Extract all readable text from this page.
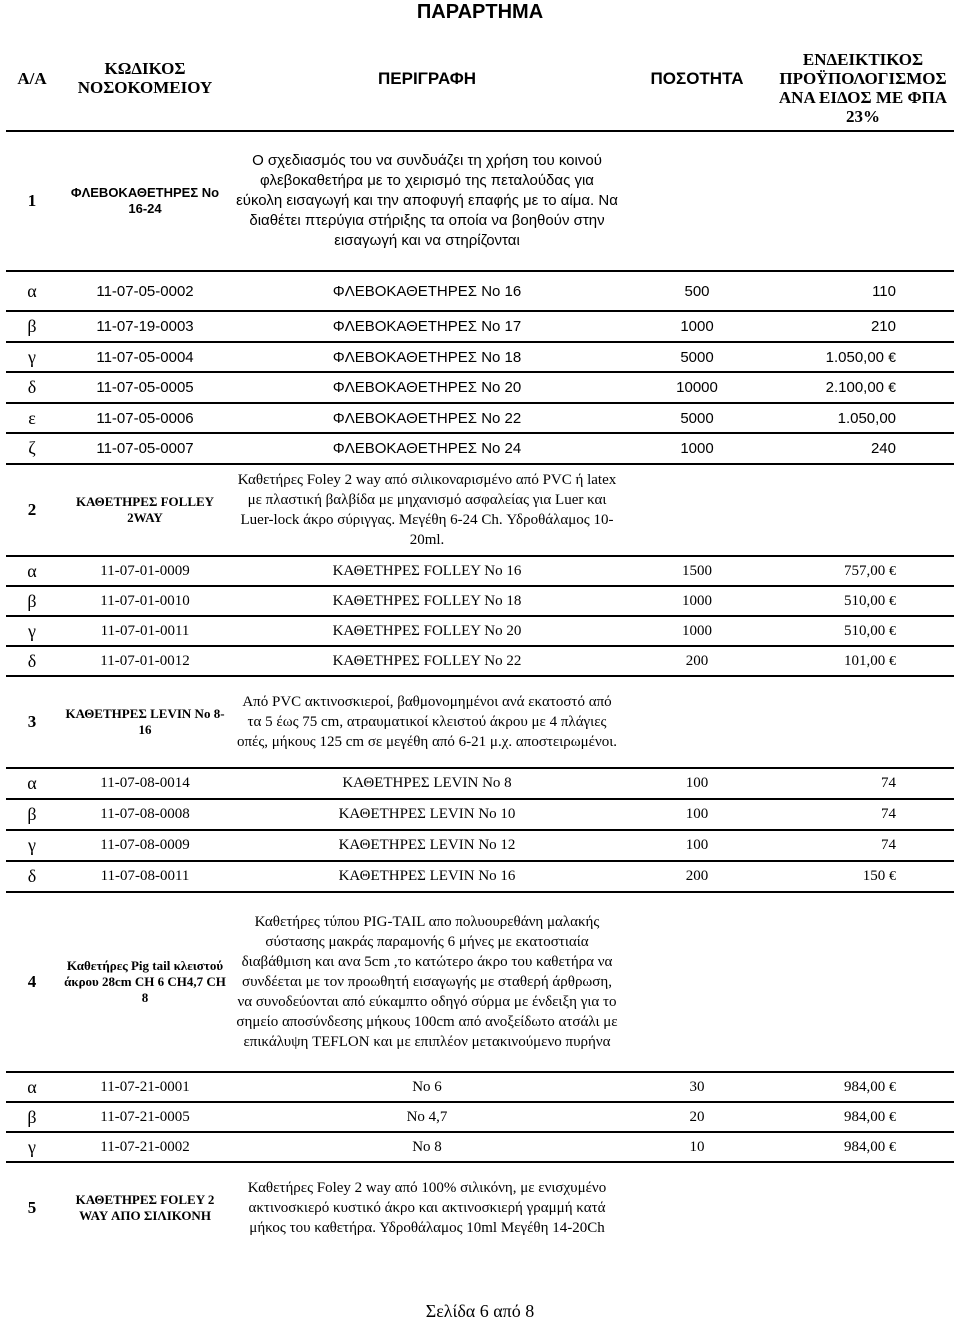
ΠΑΡΑΡΤΗΜΑ
Α/Α	ΚΩΔΙΚΟΣ ΝΟΣΟΚΟΜΕΙΟΥ	ΠΕΡΙΓΡΑΦΗ	ΠΟΣΟΤΗΤΑ	ΕΝΔΕΙΚΤΙΚΟΣ ΠΡΟΫΠΟΛΟΓΙΣΜΟΣ ΑΝΑ ΕΙΔΟΣ ΜΕ ΦΠΑ 23%
1	ΦΛΕΒΟΚΑΘΕΤΗΡΕΣ Νο 16-24	Ο σχεδιασμός του να συνδυάζει τη χρήση του κοινού φλεβοκαθετήρα με το χειρισμό της πεταλούδας για εύκολη εισαγωγή και την αποφυγή επαφής με το αίμα. Να διαθέτει πτερύγια στήριξης τα οποία να βοηθούν στην εισαγωγή και να στηρίζονται		
α	11-07-05-0002	ΦΛΕΒΟΚΑΘΕΤΗΡΕΣ Νο 16	500	110
β	11-07-19-0003	ΦΛΕΒΟΚΑΘΕΤΗΡΕΣ Νο 17	1000	210
γ	11-07-05-0004	ΦΛΕΒΟΚΑΘΕΤΗΡΕΣ Νο 18	5000	1.050,00 €
δ	11-07-05-0005	ΦΛΕΒΟΚΑΘΕΤΗΡΕΣ Νο 20	10000	2.100,00 €
ε	11-07-05-0006	ΦΛΕΒΟΚΑΘΕΤΗΡΕΣ Νο 22	5000	1.050,00
ζ	11-07-05-0007	ΦΛΕΒΟΚΑΘΕΤΗΡΕΣ Νο 24	1000	240
2	ΚΑΘΕΤΗΡΕΣ FOLLEY 2WAY	Καθετήρες Foley 2 way από σιλικοναρισμένο από PVC ή latex με πλαστική βαλβίδα με μηχανισμό ασφαλείας για Luer και Luer-lock άκρο σύριγγας. Μεγέθη 6-24 Ch. Υδροθάλαμος 10-20ml.		
α	11-07-01-0009	ΚΑΘΕΤΗΡΕΣ FOLLEY Νο 16	1500	757,00 €
β	11-07-01-0010	ΚΑΘΕΤΗΡΕΣ FOLLEY Νο 18	1000	510,00 €
γ	11-07-01-0011	ΚΑΘΕΤΗΡΕΣ FOLLEY Νο 20	1000	510,00 €
δ	11-07-01-0012	ΚΑΘΕΤΗΡΕΣ FOLLEY Νο 22	200	101,00 €
3	ΚΑΘΕΤΗΡΕΣ LEVIN Νο 8-16	Από PVC ακτινοσκιεροί, βαθμονομημένοι ανά εκατοστό από τα 5 έως 75 cm, ατραυματικοί κλειστού άκρου με 4 πλάγιες οπές, μήκους 125 cm σε μεγέθη από 6-21 μ.χ. αποστειρωμένοι.		
α	11-07-08-0014	ΚΑΘΕΤΗΡΕΣ LEVIN Νο 8	100	74
β	11-07-08-0008	ΚΑΘΕΤΗΡΕΣ LEVIN Νο 10	100	74
γ	11-07-08-0009	ΚΑΘΕΤΗΡΕΣ LEVIN Νο 12	100	74
δ	11-07-08-0011	ΚΑΘΕΤΗΡΕΣ LEVIN Νο 16	200	150 €
4	Καθετήρες Pig tail κλειστού άκρου 28cm CH 6 CH4,7 CH 8	Καθετήρες τύπου PIG-TAIL απο πολυουρεθάνη μαλακής σύστασης μακράς παραμονής 6 μήνες με εκατοστιαία διαβάθμιση και ανα 5cm ,το κατώτερο άκρο του καθετήρα να συνδέεται με τον προωθητή εισαγωγής με σταθερή άρθρωση, να συνοδεύονται από εύκαμπτο οδηγό σύρμα με ένδειξη για το σημείο αποσύνδεσης μήκους 100cm από ανοξείδωτο ατσάλι με επικάλυψη TEFLON και με επιπλέον μετακινούμενο πυρήνα		
α	11-07-21-0001	Νο 6	30	984,00 €
β	11-07-21-0005	Νο 4,7	20	984,00 €
γ	11-07-21-0002	Νο 8	10	984,00 €
5	ΚΑΘΕΤΗΡΕΣ FOLEY 2 WAY ΑΠΟ ΣΙΛΙΚΟΝΗ	Καθετήρες Foley 2 way από 100% σιλικόνη, με ενισχυμένο ακτινοσκιερό κυστικό άκρο και ακτινοσκιερή γραμμή κατά μήκος του καθετήρα. Υδροθάλαμος 10ml Μεγέθη 14-20Ch		
Σελίδα 6 από 8
